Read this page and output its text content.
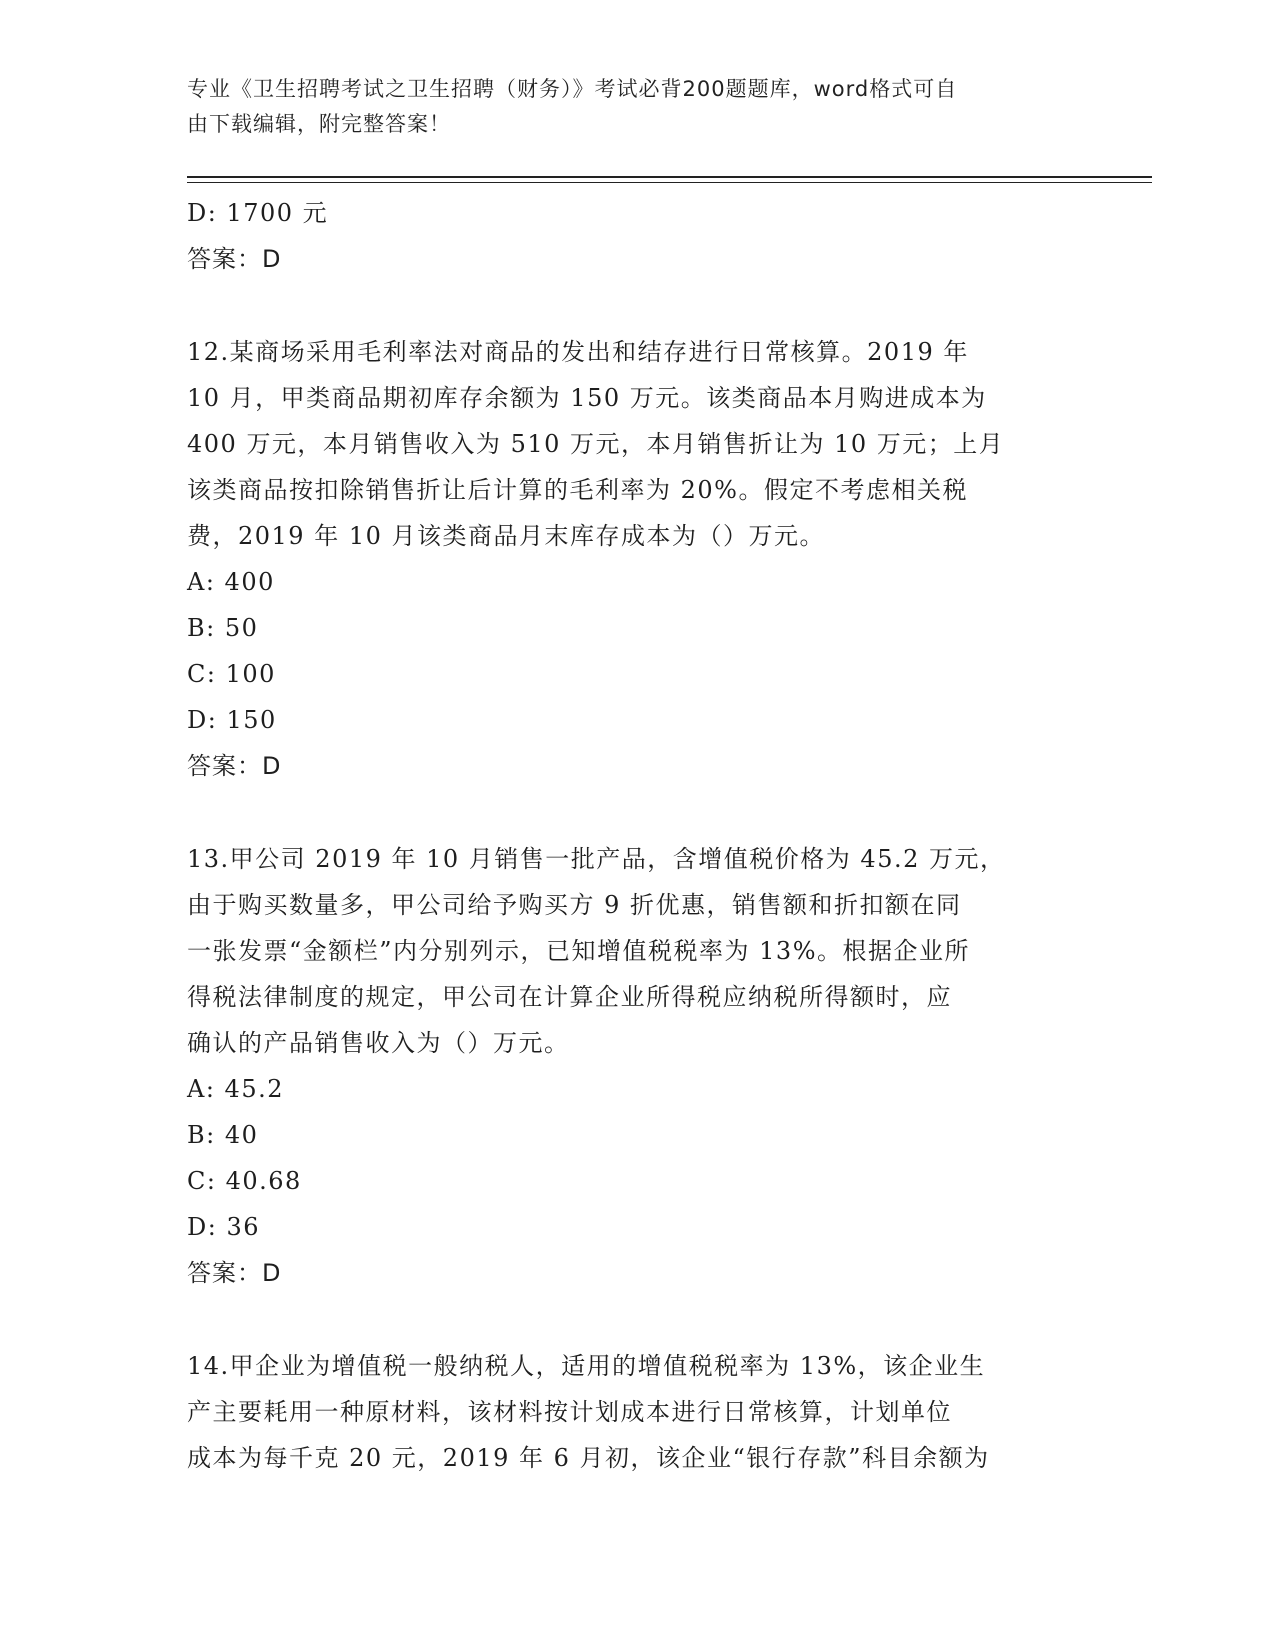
专业《卫生招聘考试之卫生招聘（财务）》考试必背200题题库，word格式可自
由下载编辑，附完整答案！
D: 1700 元
答案：D
12.某商场采用毛利率法对商品的发出和结存进行日常核算。2019 年
10 月，甲类商品期初库存余额为 150 万元。该类商品本月购进成本为
400 万元，本月销售收入为 510 万元，本月销售折让为 10 万元；上月
该类商品按扣除销售折让后计算的毛利率为 20%。假定不考虑相关税
费，2019 年 10 月该类商品月末库存成本为（）万元。
A: 400
B: 50
C: 100
D: 150
答案：D
13.甲公司 2019 年 10 月销售一批产品，含增值税价格为 45.2 万元，
由于购买数量多，甲公司给予购买方 9 折优惠，销售额和折扣额在同
一张发票“金额栏”内分别列示，已知增值税税率为 13%。根据企业所
得税法律制度的规定，甲公司在计算企业所得税应纳税所得额时，应
确认的产品销售收入为（）万元。
A: 45.2
B: 40
C: 40.68
D: 36
答案：D
14.甲企业为增值税一般纳税人，适用的增值税税率为 13%，该企业生
产主要耗用一种原材料，该材料按计划成本进行日常核算，计划单位
成本为每千克 20 元，2019 年 6 月初，该企业“银行存款”科目余额为
